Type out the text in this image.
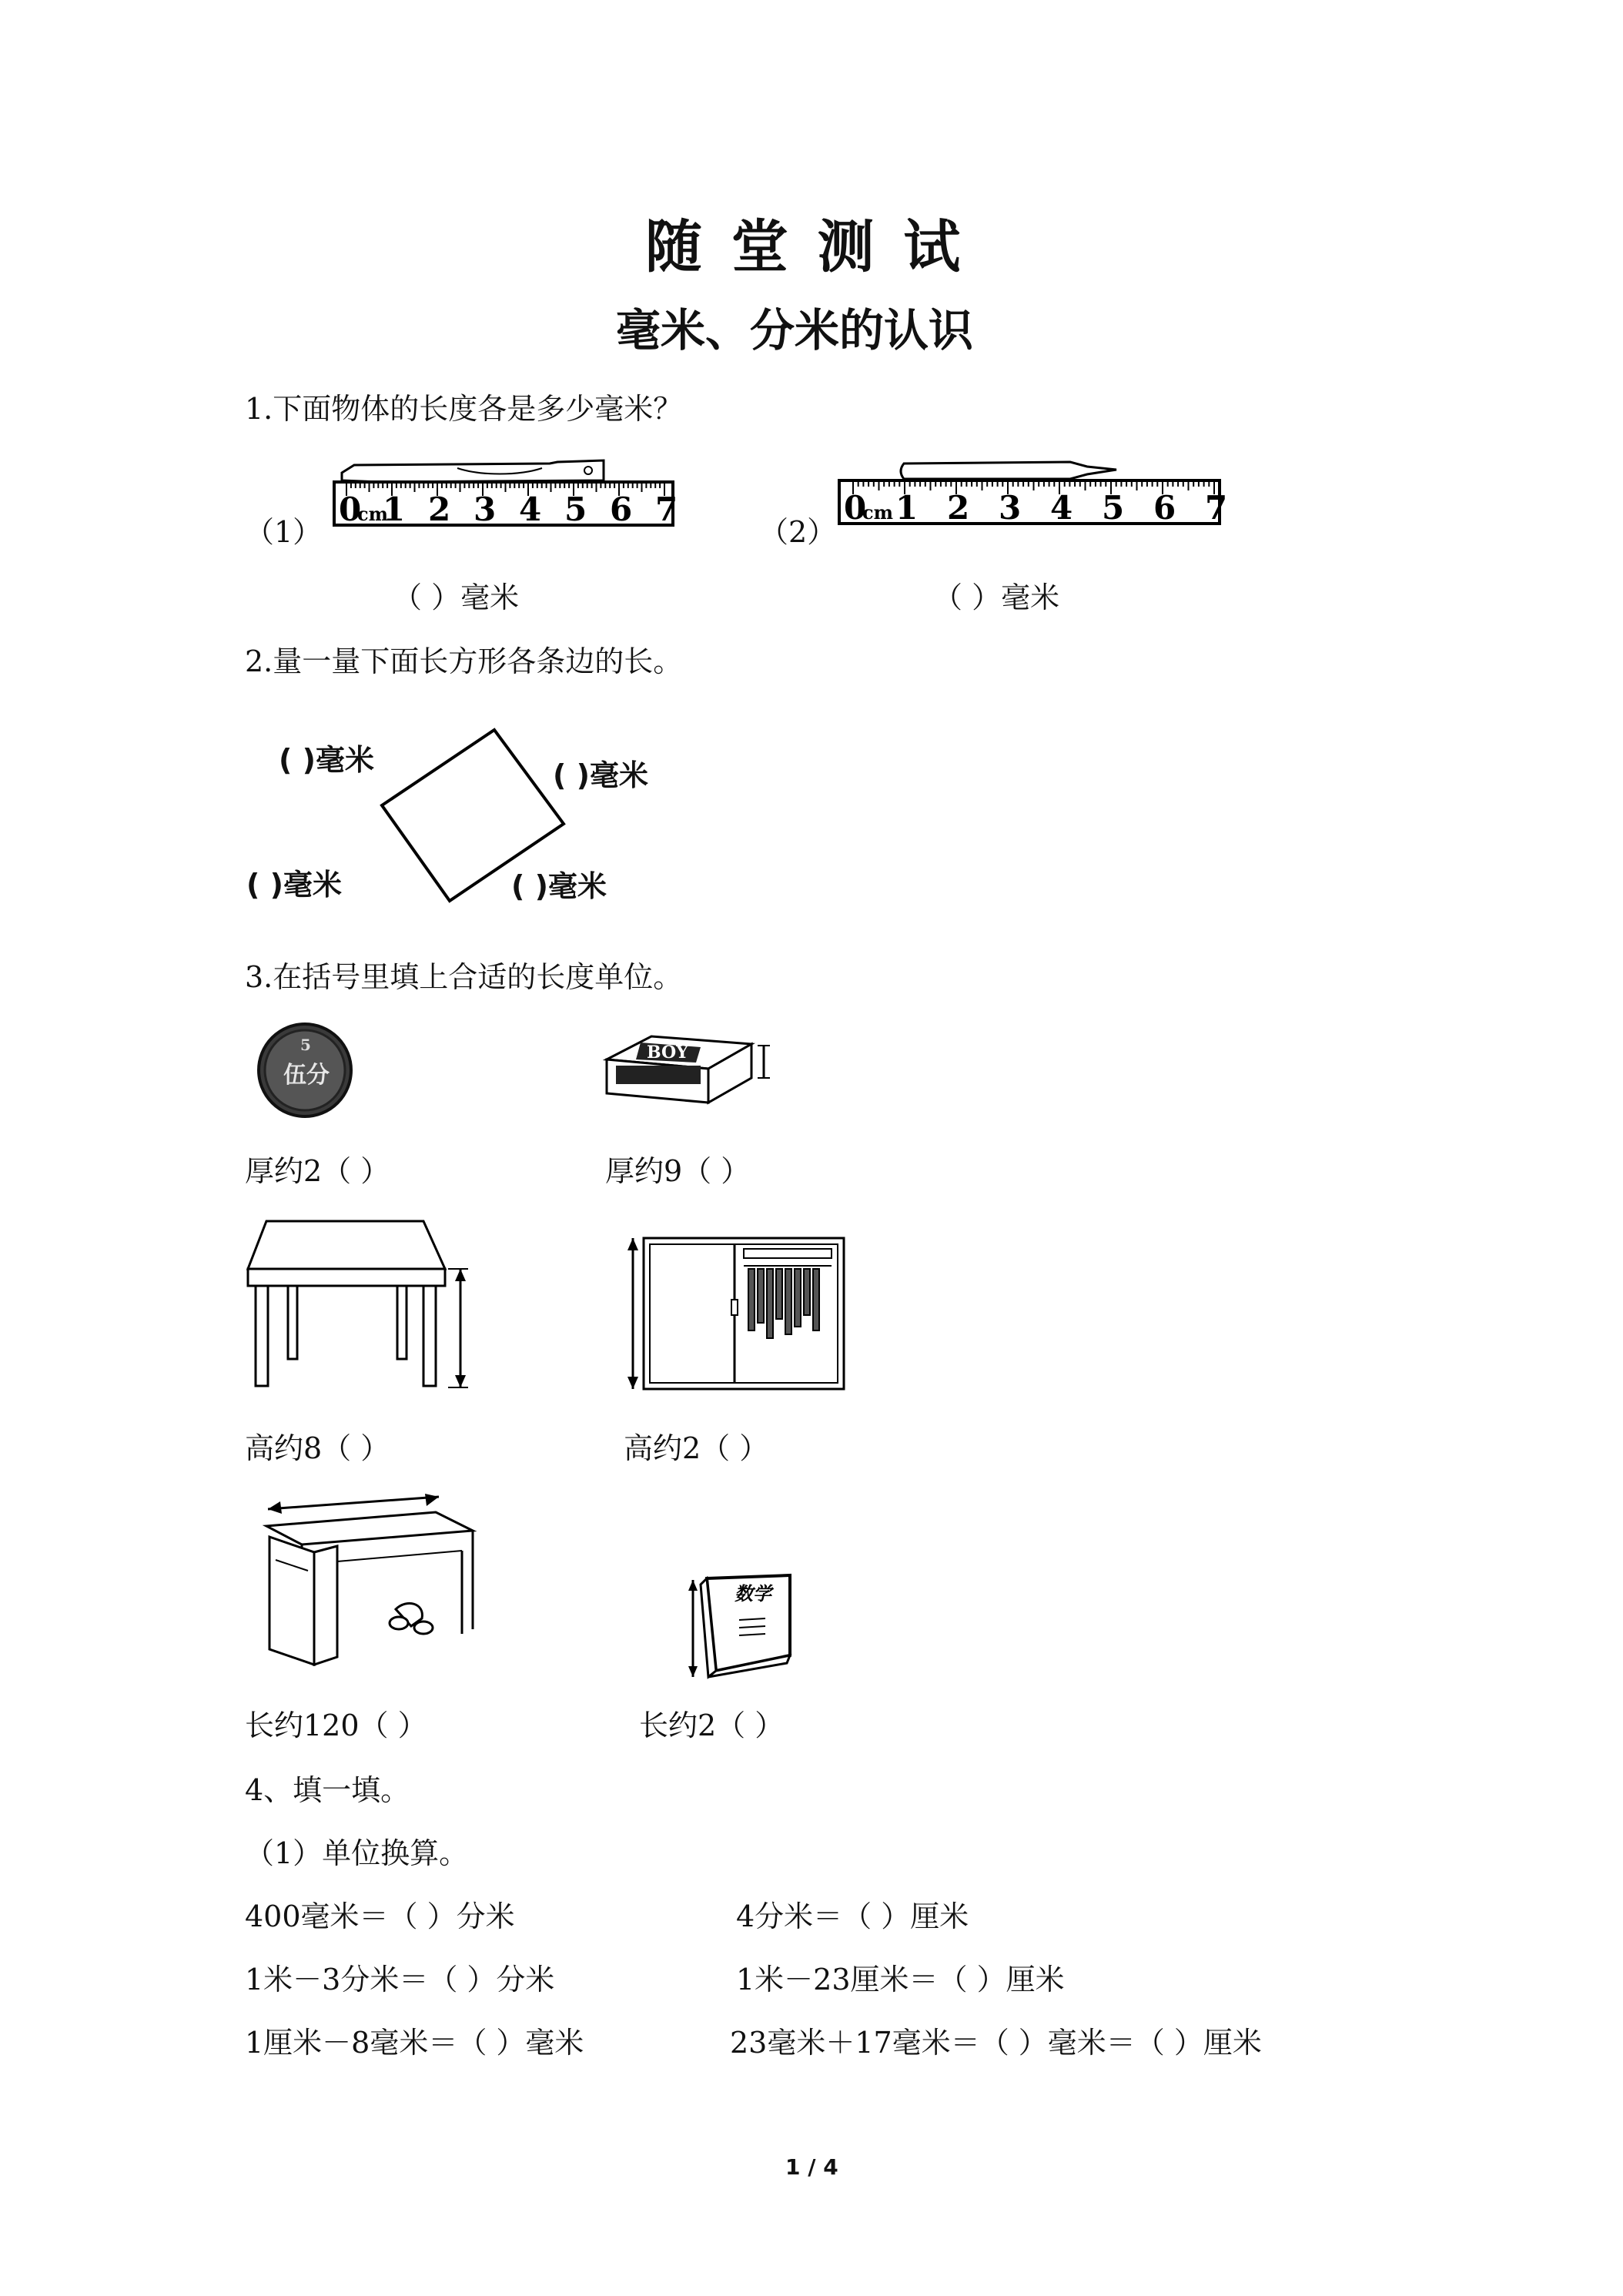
随 堂 测 试
毫米、分米的认识
1.下面物体的长度各是多少毫米？
（1）
0
cm
1 2 3 4 5 6 7
（ ）毫米
（2）
0
cm 1 2 3 4 5 6 7
（ ）毫米
2.量一量下面长方形各条边的长。
( )毫米	( )毫米
( )毫米	( )毫米
3.在括号里填上合适的长度单位。
5
伍分
BOY
厚约2（ ）	厚约9（ ）
高约8（ ）	高约2（ ）
数学
长约120（ ）	长约2（ ）
4、填一填。
（1）单位换算。
400毫米＝（ ）分米	4分米＝（ ）厘米
1米－3分米＝（ ）分米	1米－23厘米＝（ ）厘米
1厘米－8毫米＝（ ）毫米	23毫米＋17毫米＝（ ）毫米＝（ ）厘米
1 / 4
